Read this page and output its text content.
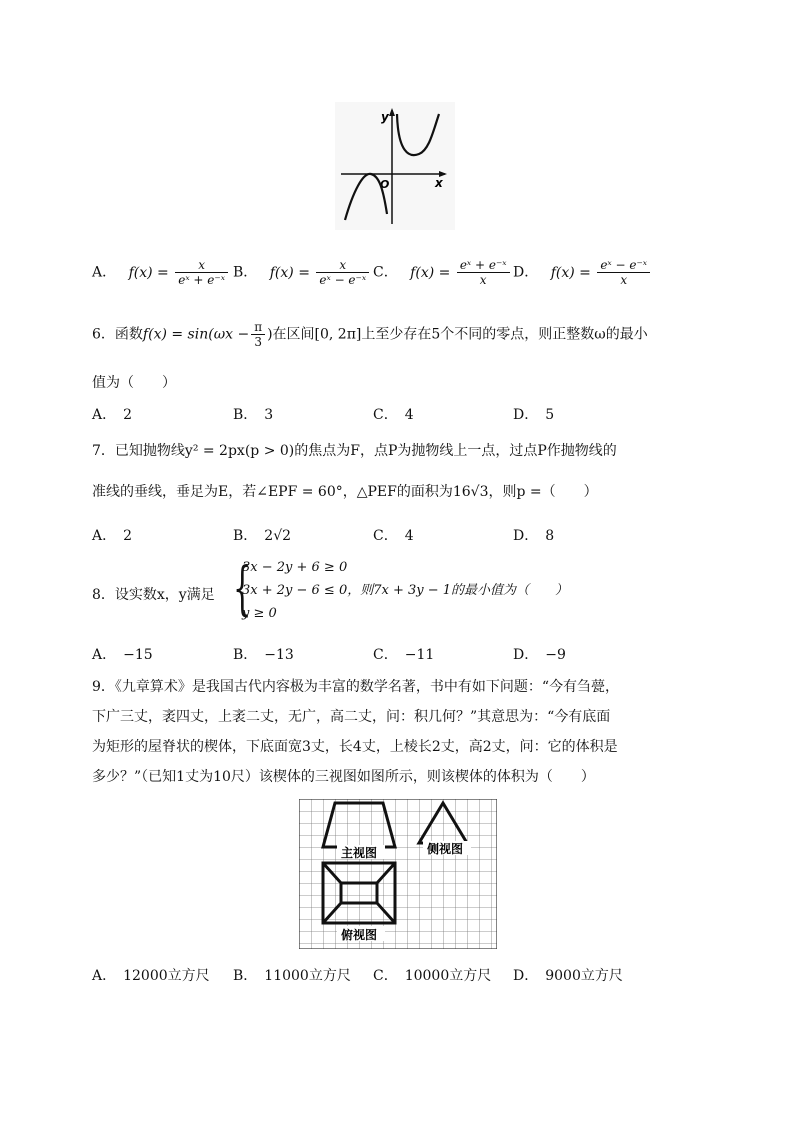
y
x
O
A． $f(x) = \frac{x}{\text{eˣ + e⁻ˣ}}$ B． $f(x) = \frac{x}{\text{eˣ − e⁻ˣ}}$ C． $f(x) = \frac{\text{eˣ + e⁻ˣ}}{x}$ D． $f(x) = \frac{\text{eˣ − e⁻ˣ}}{x}$
6．函数$f(x) = \sin(\omega x - \frac{\pi}{3}$ )在区间[0, 2π]上至少存在5个不同的零点，则正整数ω的最小
值为（　　）
A．　2	B．　3	C．　4	D．　5
7．已知抛物线y² = 2px(p > 0)的焦点为F，点P为抛物线上一点，过点P作抛物线的
准线的垂线，垂足为E，若∠EPF = 60°，△PEF的面积为16√3，则p =（　　）
A．　2	B．　2√2	C．　4	D．　8
8．设实数x，y满足 {
3x − 2y + 6 ≥ 0
3x + 2y − 6 ≤ 0，则7x + 3y − 1的最小值为（　　）
y ≥ 0
A．　−15	B．　−13	C．　−11	D．　−9
9．《九章算术》是我国古代内容极为丰富的数学名著，书中有如下问题：“今有刍甍，
下广三丈，袤四丈，上袤二丈，无广，高二丈，问：积几何？”其意思为：“今有底面
为矩形的屋脊状的楔体，下底面宽3丈，长4丈，上棱长2丈，高2丈，问：它的体积是
多少？”（已知1丈为10尺）该楔体的三视图如图所示，则该楔体的体积为（　　）
主视图	侧视图
俯视图
A．　12000立方尺 B．　11000立方尺 C．　10000立方尺 D．　9000立方尺
